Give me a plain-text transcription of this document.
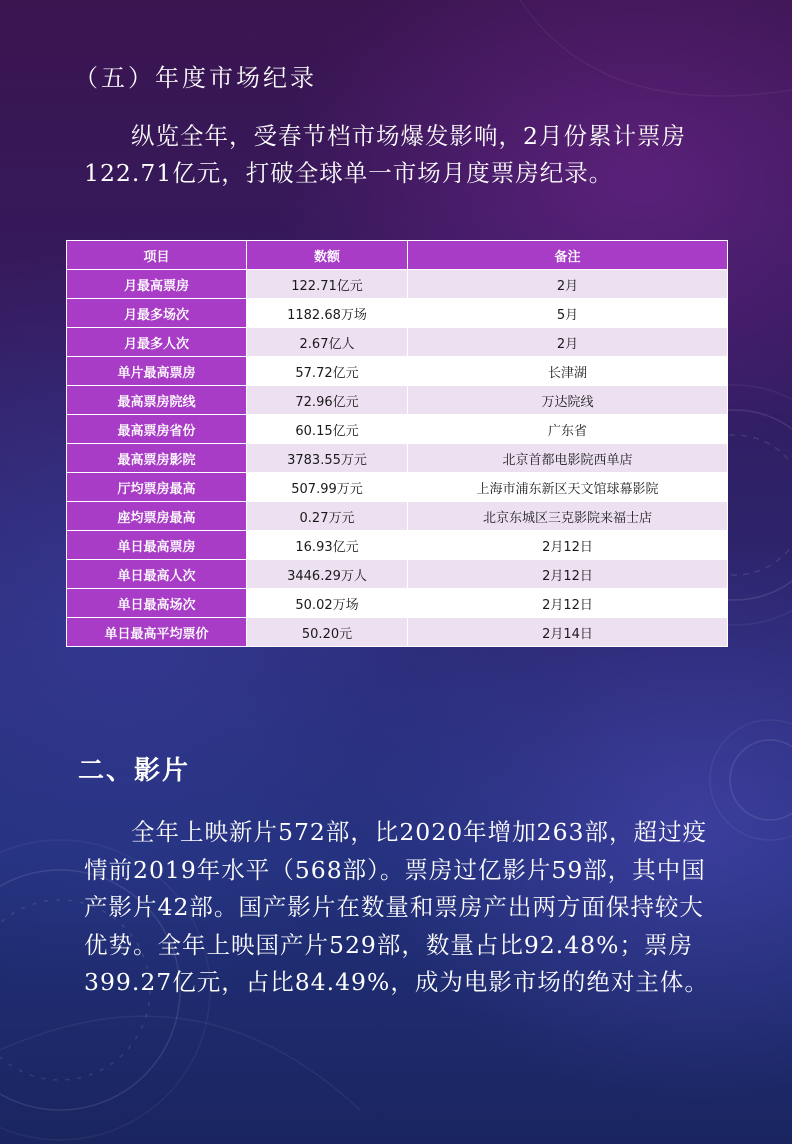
（五）年度市场纪录

纵览全年，受春节档市场爆发影响，2月份累计票房122.71亿元，打破全球单一市场月度票房纪录。

项目	数额	备注
月最高票房	122.71亿元	2月
月最多场次	1182.68万场	5月
月最多人次	2.67亿人	2月
单片最高票房	57.72亿元	长津湖
最高票房院线	72.96亿元	万达院线
最高票房省份	60.15亿元	广东省
最高票房影院	3783.55万元	北京首都电影院西单店
厅均票房最高	507.99万元	上海市浦东新区天文馆球幕影院
座均票房最高	0.27万元	北京东城区三克影院来福士店
单日最高票房	16.93亿元	2月12日
单日最高人次	3446.29万人	2月12日
单日最高场次	50.02万场	2月12日
单日最高平均票价	50.20元	2月14日
二、影片

全年上映新片572部，比2020年增加263部，超过疫情前2019年水平（568部）。票房过亿影片59部，其中国产影片42部。国产影片在数量和票房产出两方面保持较大优势。全年上映国产片529部，数量占比92.48%；票房399.27亿元，占比84.49%，成为电影市场的绝对主体。
